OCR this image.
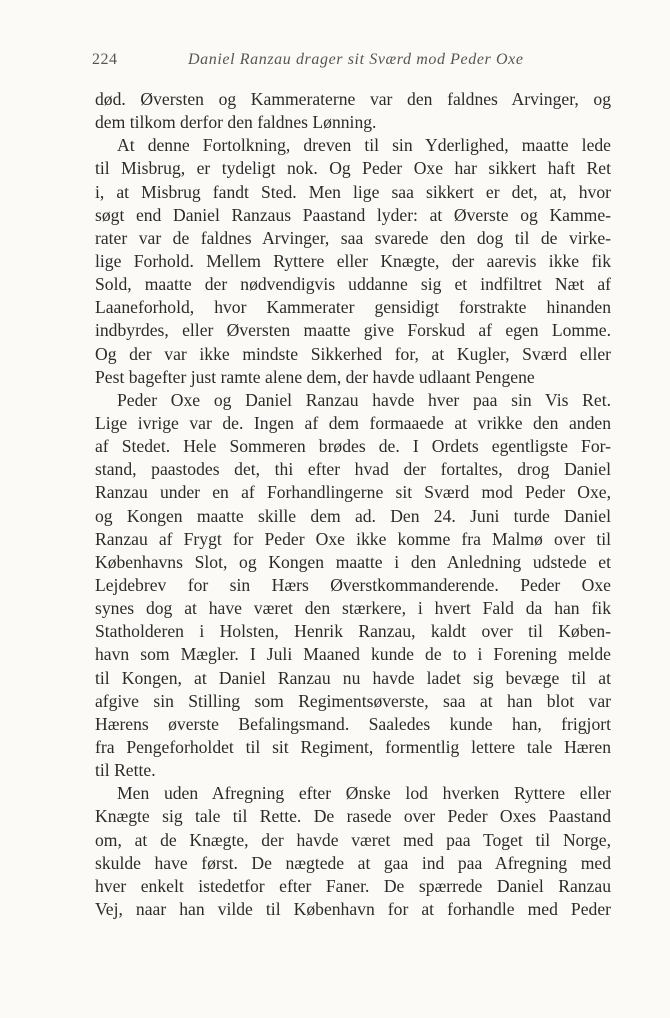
224	Daniel Ranzau drager sit Sværd mod Peder Oxe
død. Øversten og Kammeraterne var den faldnes Arvinger, og
dem tilkom derfor den faldnes Lønning.
At denne Fortolkning, dreven til sin Yderlighed, maatte lede
til Misbrug, er tydeligt nok. Og Peder Oxe har sikkert haft Ret
i, at Misbrug fandt Sted. Men lige saa sikkert er det, at, hvor
søgt end Daniel Ranzaus Paastand lyder: at Øverste og Kamme-
rater var de faldnes Arvinger, saa svarede den dog til de virke-
lige Forhold. Mellem Ryttere eller Knægte, der aarevis ikke fik
Sold, maatte der nødvendigvis uddanne sig et indfiltret Næt af
Laaneforhold, hvor Kammerater gensidigt forstrakte hinanden
indbyrdes, eller Øversten maatte give Forskud af egen Lomme.
Og der var ikke mindste Sikkerhed for, at Kugler, Sværd eller
Pest bagefter just ramte alene dem, der havde udlaant Pengene
Peder Oxe og Daniel Ranzau havde hver paa sin Vis Ret.
Lige ivrige var de. Ingen af dem formaaede at vrikke den anden
af Stedet. Hele Sommeren brødes de. I Ordets egentligste For-
stand, paastodes det, thi efter hvad der fortaltes, drog Daniel
Ranzau under en af Forhandlingerne sit Sværd mod Peder Oxe,
og Kongen maatte skille dem ad. Den 24. Juni turde Daniel
Ranzau af Frygt for Peder Oxe ikke komme fra Malmø over til
Københavns Slot, og Kongen maatte i den Anledning udstede et
Lejdebrev for sin Hærs Øverstkommanderende. Peder Oxe
synes dog at have været den stærkere, i hvert Fald da han fik
Statholderen i Holsten, Henrik Ranzau, kaldt over til Køben-
havn som Mægler. I Juli Maaned kunde de to i Forening melde
til Kongen, at Daniel Ranzau nu havde ladet sig bevæge til at
afgive sin Stilling som Regimentsøverste, saa at han blot var
Hærens øverste Befalingsmand. Saaledes kunde han, frigjort
fra Pengeforholdet til sit Regiment, formentlig lettere tale Hæren
til Rette.
Men uden Afregning efter Ønske lod hverken Ryttere eller
Knægte sig tale til Rette. De rasede over Peder Oxes Paastand
om, at de Knægte, der havde været med paa Toget til Norge,
skulde have først. De nægtede at gaa ind paa Afregning med
hver enkelt istedetfor efter Faner. De spærrede Daniel Ranzau
Vej, naar han vilde til København for at forhandle med Peder
